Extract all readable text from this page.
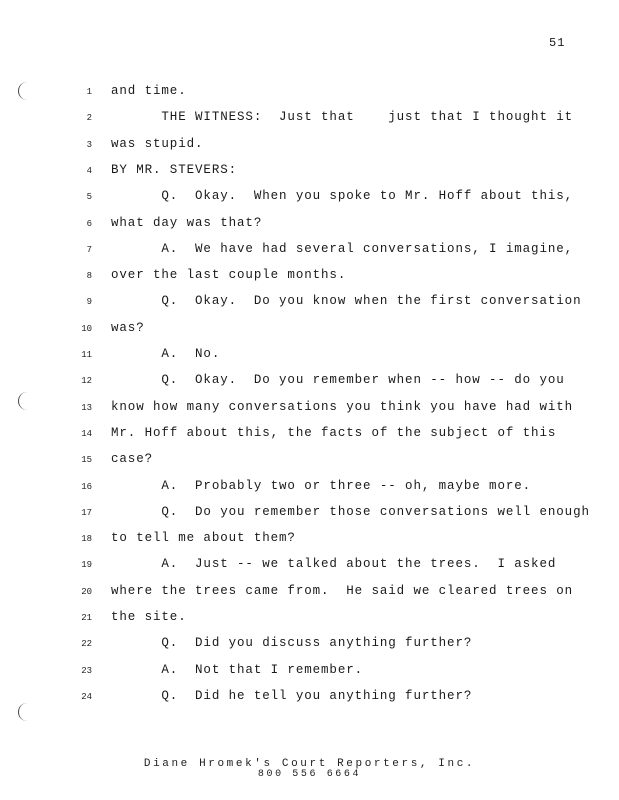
51
1 and time.
2 THE WITNESS:  Just that    just that I thought it
3 was stupid.
4 BY MR. STEVERS:
5 Q.  Okay.  When you spoke to Mr. Hoff about this,
6 what day was that?
7 A.  We have had several conversations, I imagine,
8 over the last couple months.
9 Q.  Okay.  Do you know when the first conversation
10 was?
11 A.  No.
12 Q.  Okay.  Do you remember when -- how -- do you
13 know how many conversations you think you have had with
14 Mr. Hoff about this, the facts of the subject of this
15 case?
16 A.  Probably two or three -- oh, maybe more.
17 Q.  Do you remember those conversations well enough
18 to tell me about them?
19 A.  Just -- we talked about the trees.  I asked
20 where the trees came from.  He said we cleared trees on
21 the site.
22 Q.  Did you discuss anything further?
23 A.  Not that I remember.
24 Q.  Did he tell you anything further?
Diane Hromek's Court Reporters, Inc.
800 556 6664
